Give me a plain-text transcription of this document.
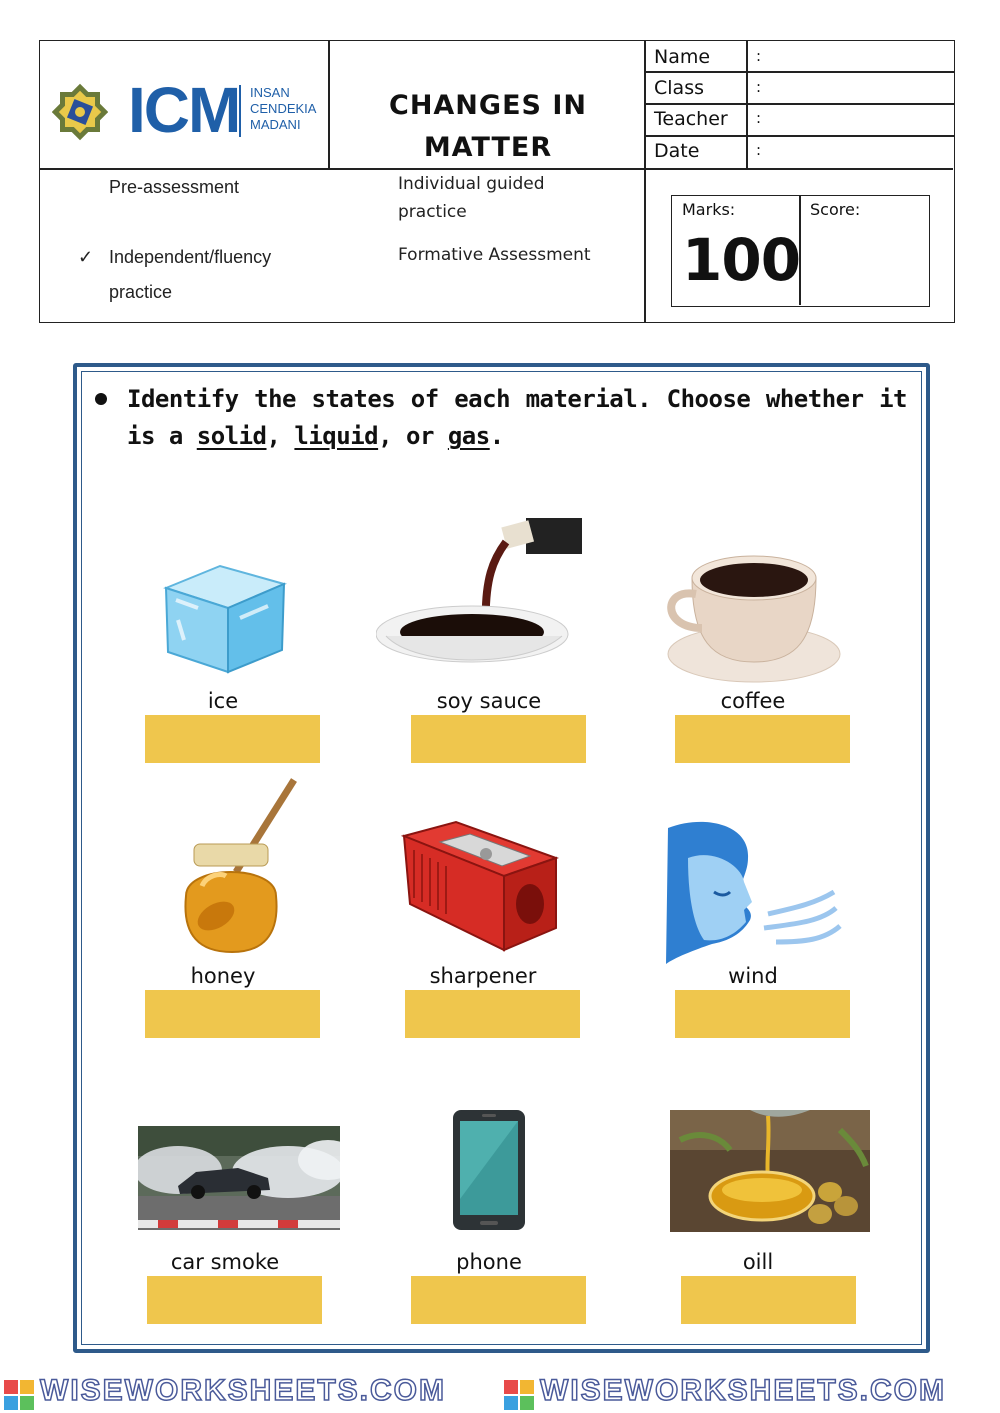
ICM INSAN
CENDEKIA
MADANI
CHANGES IN
MATTER
Name	:
Class	:
Teacher :
Date	:
Pre-assessment
✓ Independent/fluency
practice
Individual guided
practice
Formative Assessment
Marks:
100
Score:
Identify the states of each material. Choose whether it is a solid, liquid, or gas.
ice	soy sauce	coffee
honey	sharpener	wind
car smoke	phone	oill
WISEWORKSHEETS.COM	WISEWORKSHEETS.COM
